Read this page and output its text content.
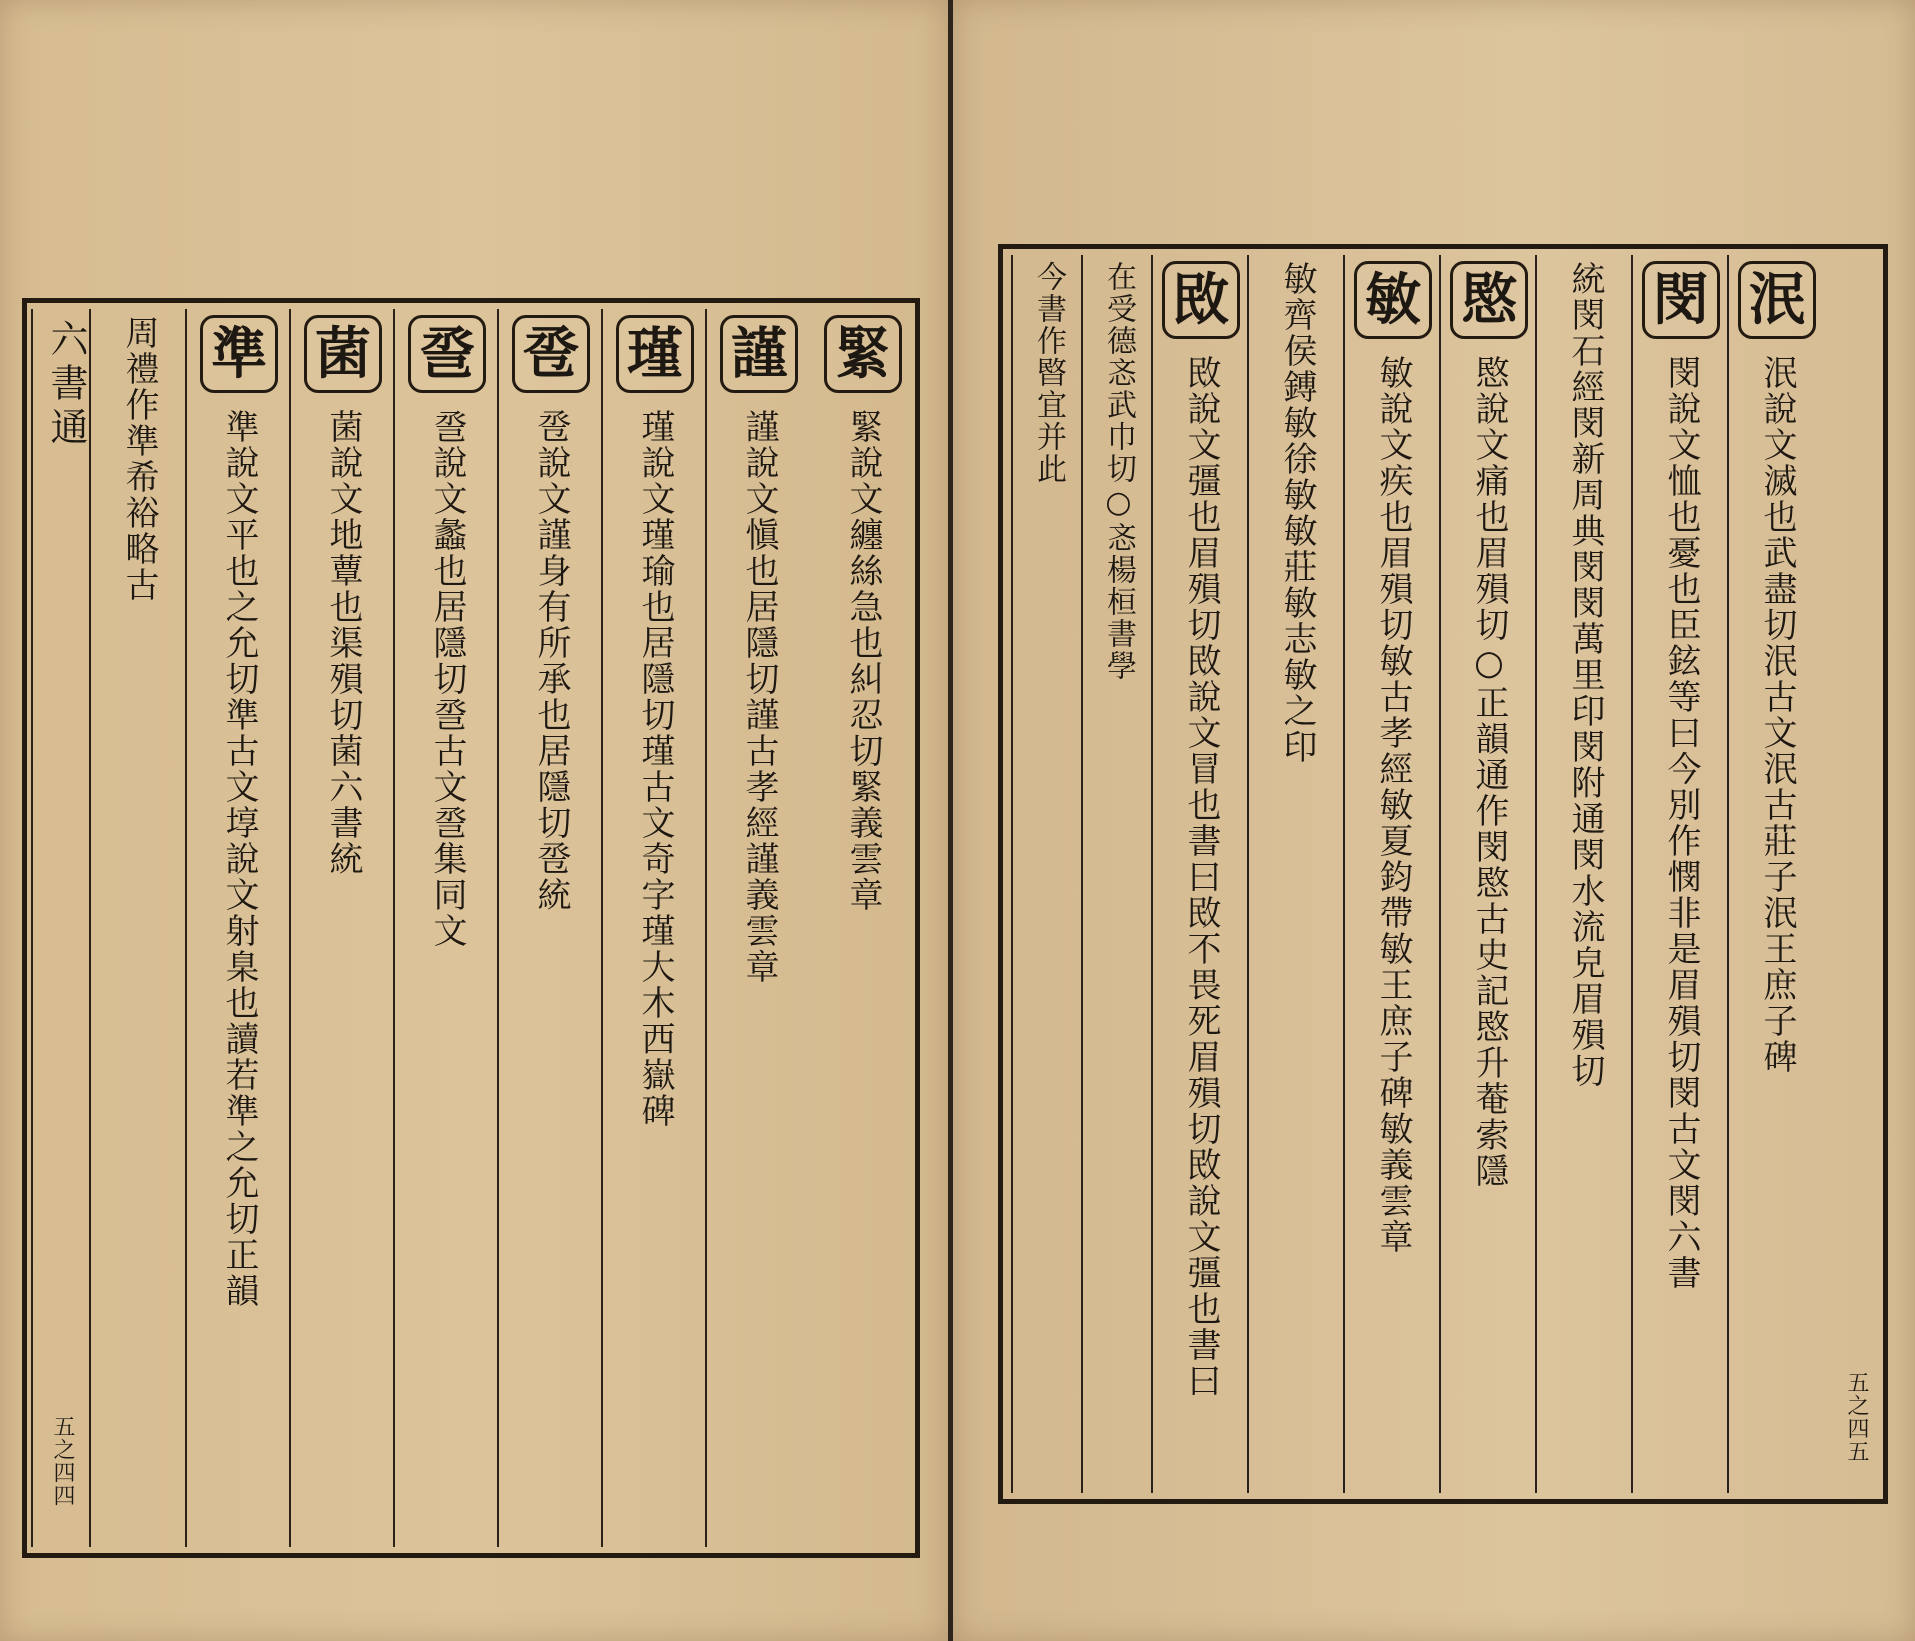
緊
緊說文纏絲急也糾忍切緊義雲章
謹
謹說文愼也居隱切謹古孝經謹義雲章
瑾
瑾說文瑾瑜也居隱切瑾古文奇字瑾大木西嶽碑
卺
卺說文謹身有所承也居隱切卺統
巹
巹說文蠡也居隱切巹古文巹集同文
菌
菌說文地蕈也渠殞切菌六書統
準
準說文平也之允切準古文埻說文射臬也讀若準之允切正韻
周禮作準希裕略古
六書通
五之四四	五之四五
泯
泯說文滅也武盡切泯古文泯古莊子泯王庶子碑
閔
閔說文恤也憂也臣鉉等曰今別作憫非是眉殞切閔古文閔六書
統閔石經閔新周典閔閔萬里印閔附通閔水流皃眉殞切
愍
愍說文痛也眉殞切○正韻通作閔愍古史記愍升菴索隱
敏
敏說文疾也眉殞切敏古孝經敏夏鈞帶敏王庶子碑敏義雲章
敏齊侯鎛敏徐敏敏莊敏志敏之印
敃
敃說文彊也眉殞切敃說文冒也書曰敃不畏死眉殞切敃說文彊也書曰
在受德忞武巾切○忞楊桓書學
今書作暋宜并此
